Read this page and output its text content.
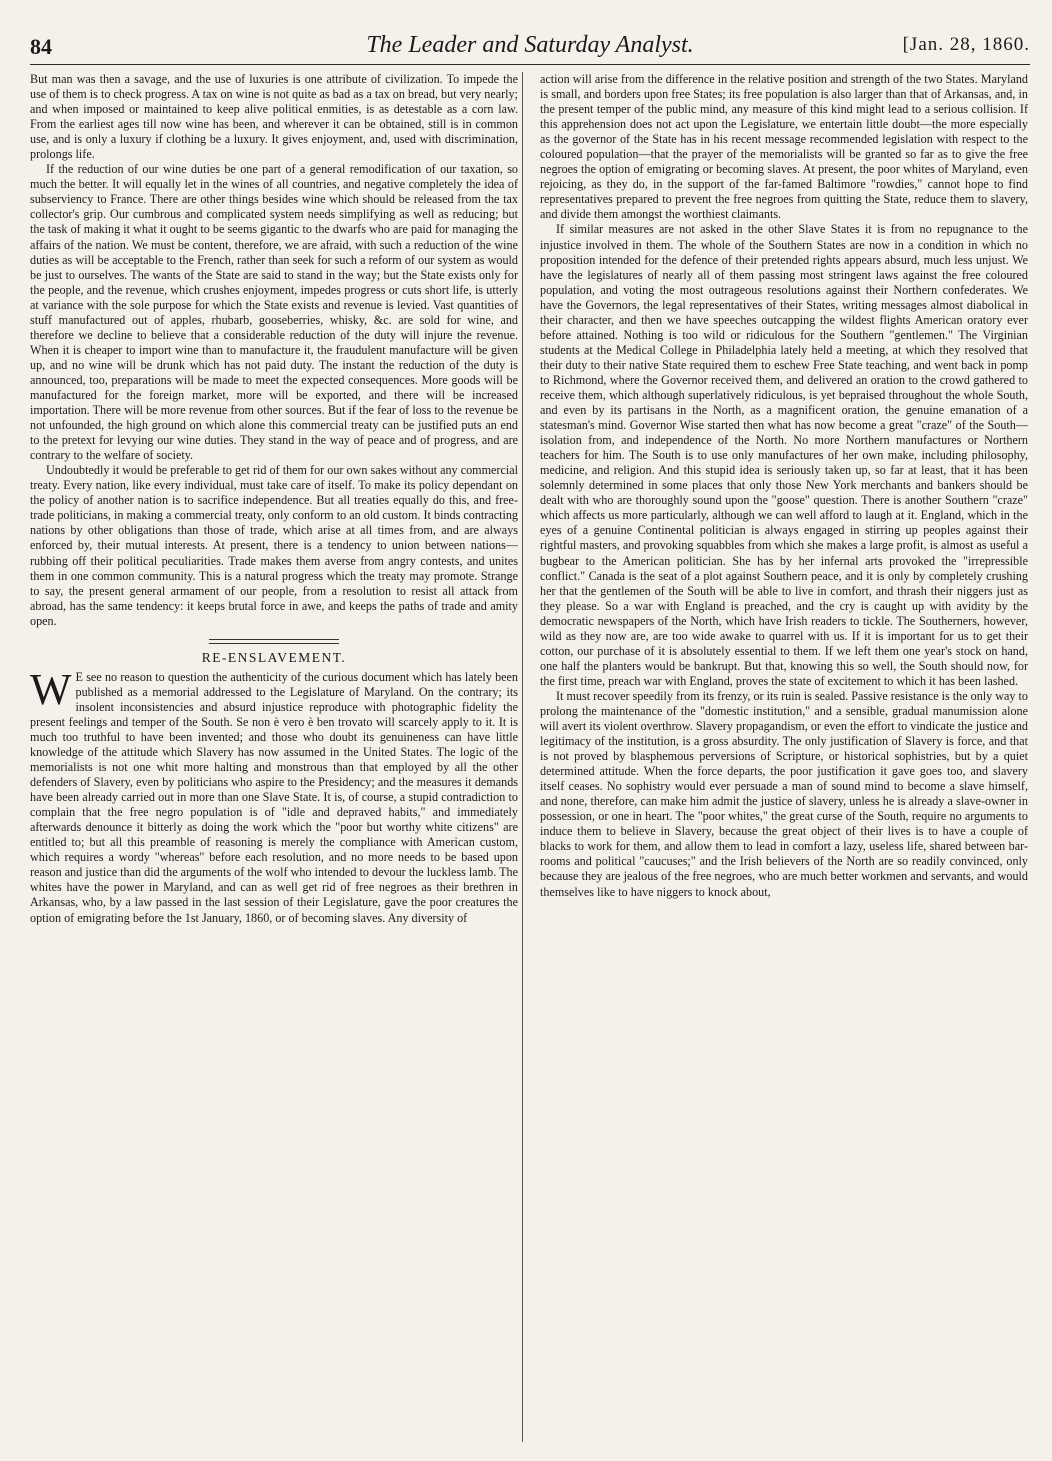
84	The Leader and Saturday Analyst.	[Jan. 28, 1860.

But man was then a savage, and the use of luxuries is one attribute of civilization. To impede the use of them is to check progress. A tax on wine is not quite as bad as a tax on bread, but very nearly; and when imposed or maintained to keep alive political enmities, is as detestable as a corn law. From the earliest ages till now wine has been, and wherever it can be obtained, still is in common use, and is only a luxury if clothing be a luxury. It gives enjoyment, and, used with discrimination, prolongs life.

If the reduction of our wine duties be one part of a general remodification of our taxation, so much the better. It will equally let in the wines of all countries, and negative completely the idea of subserviency to France. There are other things besides wine which should be released from the tax collector's grip. Our cumbrous and complicated system needs simplifying as well as reducing; but the task of making it what it ought to be seems gigantic to the dwarfs who are paid for managing the affairs of the nation. We must be content, therefore, we are afraid, with such a reduction of the wine duties as will be acceptable to the French, rather than seek for such a reform of our system as would be just to ourselves. The wants of the State are said to stand in the way; but the State exists only for the people, and the revenue, which crushes enjoyment, impedes progress or cuts short life, is utterly at variance with the sole purpose for which the State exists and revenue is levied. Vast quantities of stuff manufactured out of apples, rhubarb, gooseberries, whisky, &c. are sold for wine, and therefore we decline to believe that a considerable reduction of the duty will injure the revenue. When it is cheaper to import wine than to manufacture it, the fraudulent manufacture will be given up, and no wine will be drunk which has not paid duty. The instant the reduction of the duty is announced, too, preparations will be made to meet the expected consequences. More goods will be manufactured for the foreign market, more will be exported, and there will be increased importation. There will be more revenue from other sources. But if the fear of loss to the revenue be not unfounded, the high ground on which alone this commercial treaty can be justified puts an end to the pretext for levying our wine duties. They stand in the way of peace and of progress, and are contrary to the welfare of society.

Undoubtedly it would be preferable to get rid of them for our own sakes without any commercial treaty. Every nation, like every individual, must take care of itself. To make its policy dependant on the policy of another nation is to sacrifice independence. But all treaties equally do this, and free-trade politicians, in making a commercial treaty, only conform to an old custom. It binds contracting nations by other obligations than those of trade, which arise at all times from, and are always enforced by, their mutual interests. At present, there is a tendency to union between nations—rubbing off their political peculiarities. Trade makes them averse from angry contests, and unites them in one common community. This is a natural progress which the treaty may promote. Strange to say, the present general armament of our people, from a resolution to resist all attack from abroad, has the same tendency: it keeps brutal force in awe, and keeps the paths of trade and amity open.

RE-ENSLAVEMENT.

W E see no reason to question the authenticity of the curious document which has lately been published as a memorial addressed to the Legislature of Maryland. On the contrary; its insolent inconsistencies and absurd injustice reproduce with photographic fidelity the present feelings and temper of the South. Se non è vero è ben trovato will scarcely apply to it. It is much too truthful to have been invented; and those who doubt its genuineness can have little knowledge of the attitude which Slavery has now assumed in the United States. The logic of the memorialists is not one whit more halting and monstrous than that employed by all the other defenders of Slavery, even by politicians who aspire to the Presidency; and the measures it demands have been already carried out in more than one Slave State. It is, of course, a stupid contradiction to complain that the free negro population is of "idle and depraved habits," and immediately afterwards denounce it bitterly as doing the work which the "poor but worthy white citizens" are entitled to; but all this preamble of reasoning is merely the compliance with American custom, which requires a wordy "whereas" before each resolution, and no more needs to be based upon reason and justice than did the arguments of the wolf who intended to devour the luckless lamb. The whites have the power in Maryland, and can as well get rid of free negroes as their brethren in Arkansas, who, by a law passed in the last session of their Legislature, gave the poor creatures the option of emigrating before the 1st January, 1860, or of becoming slaves. Any diversity of

action will arise from the difference in the relative position and strength of the two States. Maryland is small, and borders upon free States; its free population is also larger than that of Arkansas, and, in the present temper of the public mind, any measure of this kind might lead to a serious collision. If this apprehension does not act upon the Legislature, we entertain little doubt—the more especially as the governor of the State has in his recent message recommended legislation with respect to the coloured population—that the prayer of the memorialists will be granted so far as to give the free negroes the option of emigrating or becoming slaves. At present, the poor whites of Maryland, even rejoicing, as they do, in the support of the far-famed Baltimore "rowdies," cannot hope to find representatives prepared to prevent the free negroes from quitting the State, reduce them to slavery, and divide them amongst the worthiest claimants.

If similar measures are not asked in the other Slave States it is from no repugnance to the injustice involved in them. The whole of the Southern States are now in a condition in which no proposition intended for the defence of their pretended rights appears absurd, much less unjust. We have the legislatures of nearly all of them passing most stringent laws against the free coloured population, and voting the most outrageous resolutions against their Northern confederates. We have the Governors, the legal representatives of their States, writing messages almost diabolical in their character, and then we have speeches outcapping the wildest flights American oratory ever before attained. Nothing is too wild or ridiculous for the Southern "gentlemen." The Virginian students at the Medical College in Philadelphia lately held a meeting, at which they resolved that their duty to their native State required them to eschew Free State teaching, and went back in pomp to Richmond, where the Governor received them, and delivered an oration to the crowd gathered to receive them, which although superlatively ridiculous, is yet bepraised throughout the whole South, and even by its partisans in the North, as a magnificent oration, the genuine emanation of a statesman's mind. Governor Wise started then what has now become a great "craze" of the South—isolation from, and independence of the North. No more Northern manufactures or Northern teachers for him. The South is to use only manufactures of her own make, including philosophy, medicine, and religion. And this stupid idea is seriously taken up, so far at least, that it has been solemnly determined in some places that only those New York merchants and bankers should be dealt with who are thoroughly sound upon the "goose" question. There is another Southern "craze" which affects us more particularly, although we can well afford to laugh at it. England, which in the eyes of a genuine Continental politician is always engaged in stirring up peoples against their rightful masters, and provoking squabbles from which she makes a large profit, is almost as useful a bugbear to the American politician. She has by her infernal arts provoked the "irrepressible conflict." Canada is the seat of a plot against Southern peace, and it is only by completely crushing her that the gentlemen of the South will be able to live in comfort, and thrash their niggers just as they please. So a war with England is preached, and the cry is caught up with avidity by the democratic newspapers of the North, which have Irish readers to tickle. The Southerners, however, wild as they now are, are too wide awake to quarrel with us. If it is important for us to get their cotton, our purchase of it is absolutely essential to them. If we left them one year's stock on hand, one half the planters would be bankrupt. But that, knowing this so well, the South should now, for the first time, preach war with England, proves the state of excitement to which it has been lashed.

It must recover speedily from its frenzy, or its ruin is sealed. Passive resistance is the only way to prolong the maintenance of the "domestic institution," and a sensible, gradual manumission alone will avert its violent overthrow. Slavery propagandism, or even the effort to vindicate the justice and legitimacy of the institution, is a gross absurdity. The only justification of Slavery is force, and that is not proved by blasphemous perversions of Scripture, or historical sophistries, but by a quiet determined attitude. When the force departs, the poor justification it gave goes too, and slavery itself ceases. No sophistry would ever persuade a man of sound mind to become a slave himself, and none, therefore, can make him admit the justice of slavery, unless he is already a slave-owner in possession, or one in heart. The "poor whites," the great curse of the South, require no arguments to induce them to believe in Slavery, because the great object of their lives is to have a couple of blacks to work for them, and allow them to lead in comfort a lazy, useless life, shared between bar-rooms and political "caucuses;" and the Irish believers of the North are so readily convinced, only because they are jealous of the free negroes, who are much better workmen and servants, and would themselves like to have niggers to knock about,
